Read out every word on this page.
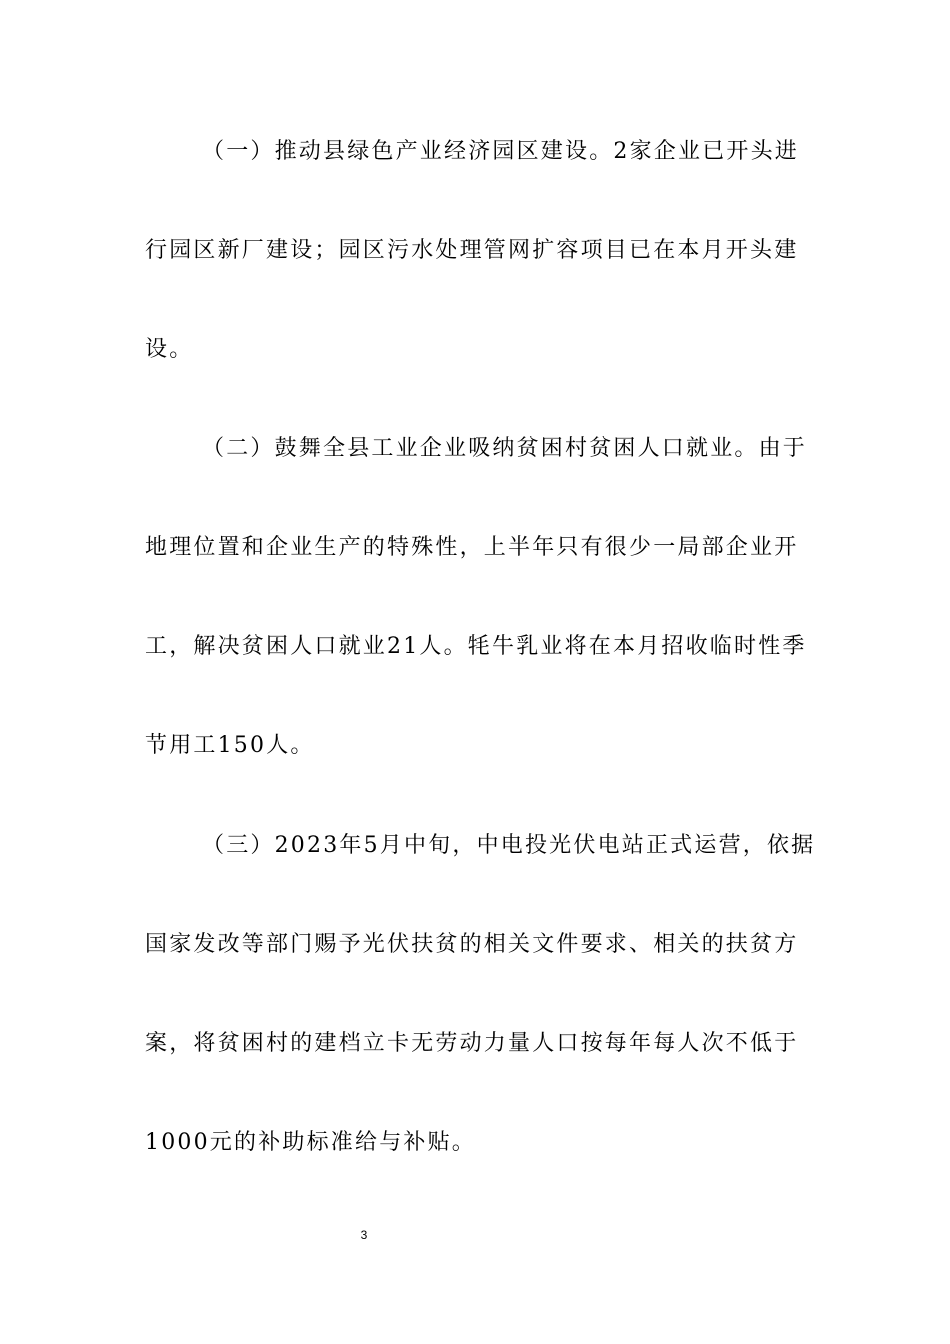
（一）推动县绿色产业经济园区建设。2家企业已开头进
行园区新厂建设；园区污水处理管网扩容项目已在本月开头建
设。
（二）鼓舞全县工业企业吸纳贫困村贫困人口就业。由于
地理位置和企业生产的特殊性，上半年只有很少一局部企业开
工，解决贫困人口就业21人。牦牛乳业将在本月招收临时性季
节用工150人。
（三）2023年5月中旬，中电投光伏电站正式运营，依据
国家发改等部门赐予光伏扶贫的相关文件要求、相关的扶贫方
案，将贫困村的建档立卡无劳动力量人口按每年每人次不低于
1000元的补助标准给与补贴。
3
